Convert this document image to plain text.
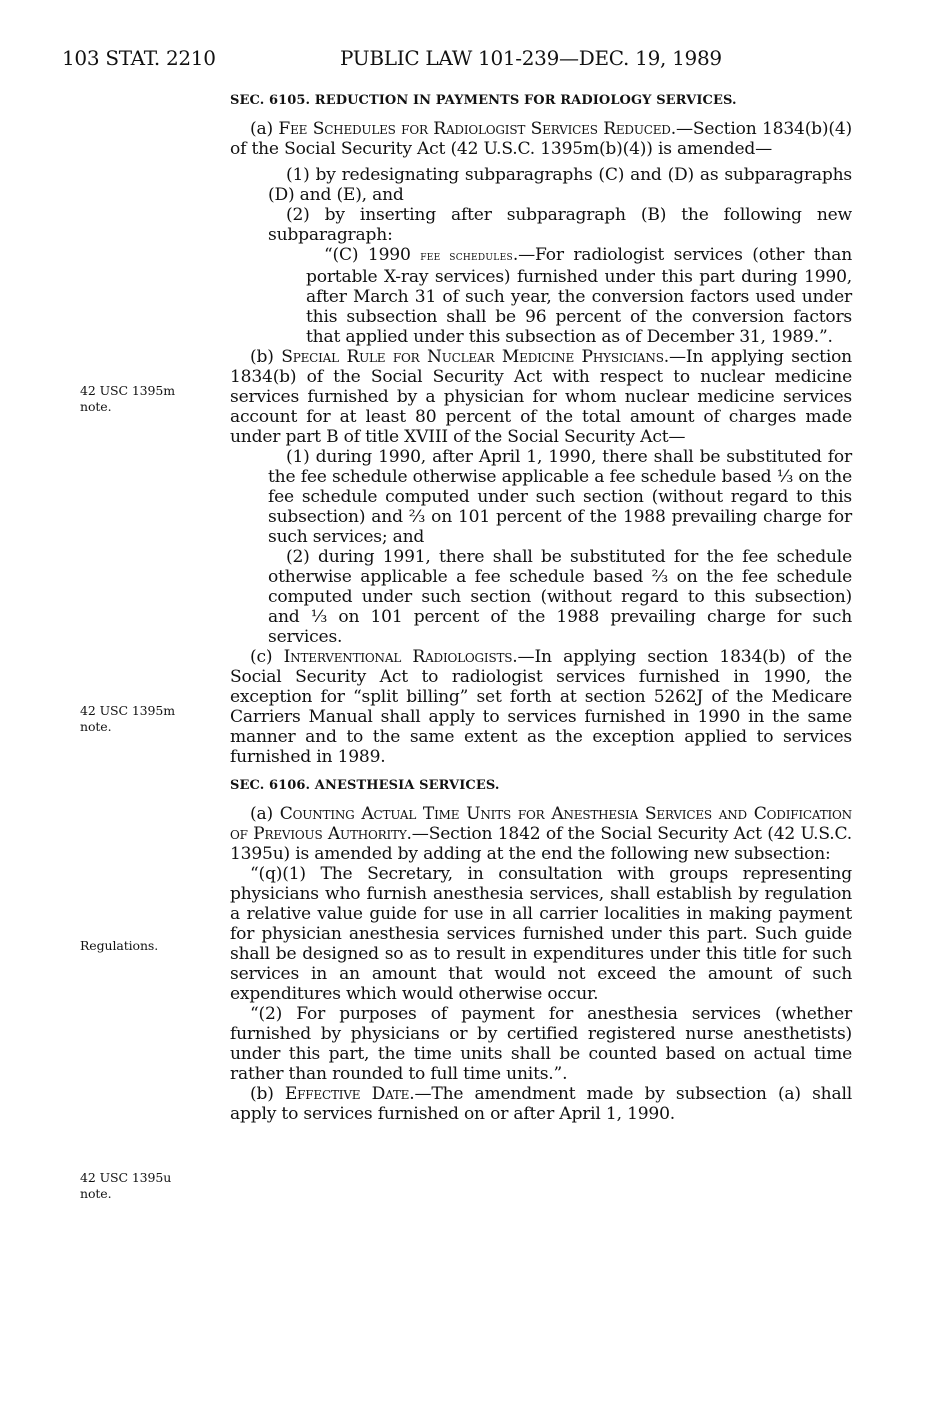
103 STAT. 2210	PUBLIC LAW 101-239—DEC. 19, 1989
42 USC 1395m
note.
42 USC 1395m
note.
Regulations.
42 USC 1395u
note.
SEC. 6105. REDUCTION IN PAYMENTS FOR RADIOLOGY SERVICES.

(a) Fee Schedules for Radiologist Services Reduced.—Section 1834(b)(4) of the Social Security Act (42 U.S.C. 1395m(b)(4)) is amended—

(1) by redesignating subparagraphs (C) and (D) as subparagraphs (D) and (E), and

(2) by inserting after subparagraph (B) the following new subparagraph:

“(C) 1990 fee schedules.—For radiologist services (other than portable X-ray services) furnished under this part during 1990, after March 31 of such year, the conversion factors used under this subsection shall be 96 percent of the conversion factors that applied under this subsection as of December 31, 1989.”.

(b) Special Rule for Nuclear Medicine Physicians.—In applying section 1834(b) of the Social Security Act with respect to nuclear medicine services furnished by a physician for whom nuclear medicine services account for at least 80 percent of the total amount of charges made under part B of title XVIII of the Social Security Act—

(1) during 1990, after April 1, 1990, there shall be substituted for the fee schedule otherwise applicable a fee schedule based ⅓ on the fee schedule computed under such section (without regard to this subsection) and ⅔ on 101 percent of the 1988 prevailing charge for such services; and

(2) during 1991, there shall be substituted for the fee schedule otherwise applicable a fee schedule based ⅔ on the fee schedule computed under such section (without regard to this subsection) and ⅓ on 101 percent of the 1988 prevailing charge for such services.

(c) Interventional Radiologists.—In applying section 1834(b) of the Social Security Act to radiologist services furnished in 1990, the exception for “split billing” set forth at section 5262J of the Medicare Carriers Manual shall apply to services furnished in 1990 in the same manner and to the same extent as the exception applied to services furnished in 1989.

SEC. 6106. ANESTHESIA SERVICES.

(a) Counting Actual Time Units for Anesthesia Services and Codification of Previous Authority.—Section 1842 of the Social Security Act (42 U.S.C. 1395u) is amended by adding at the end the following new subsection:

“(q)(1) The Secretary, in consultation with groups representing physicians who furnish anesthesia services, shall establish by regulation a relative value guide for use in all carrier localities in making payment for physician anesthesia services furnished under this part. Such guide shall be designed so as to result in expenditures under this title for such services in an amount that would not exceed the amount of such expenditures which would otherwise occur.

“(2) For purposes of payment for anesthesia services (whether furnished by physicians or by certified registered nurse anesthetists) under this part, the time units shall be counted based on actual time rather than rounded to full time units.”.

(b) Effective Date.—The amendment made by subsection (a) shall apply to services furnished on or after April 1, 1990.
